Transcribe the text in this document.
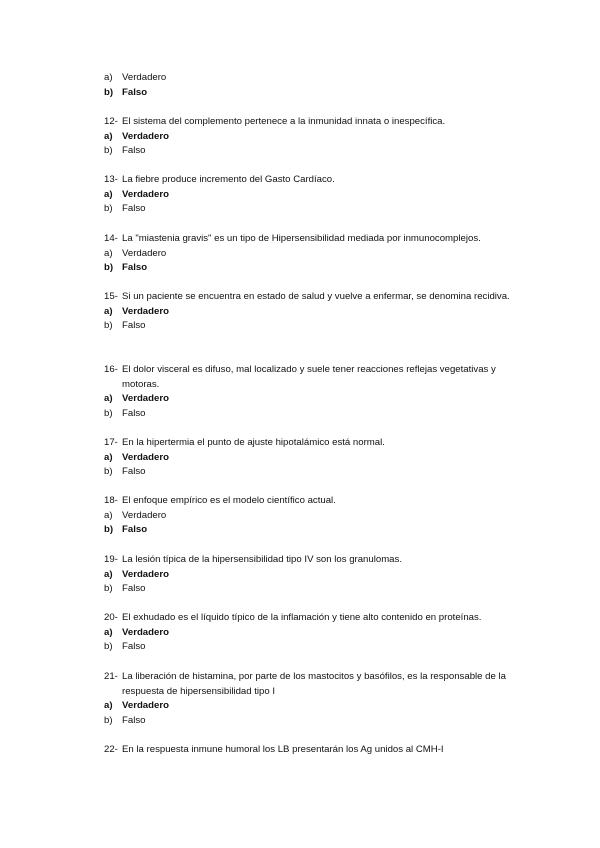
a) Verdadero
b) Falso
12- El sistema del complemento pertenece a la inmunidad innata o inespecífica.
a) Verdadero
b) Falso
13- La fiebre produce incremento del Gasto Cardíaco.
a) Verdadero
b) Falso
14- La "miastenia gravis" es un tipo de Hipersensibilidad mediada por inmunocomplejos.
a) Verdadero
b) Falso
15- Si un paciente se encuentra en estado de salud y vuelve a enfermar, se denomina recidiva.
a) Verdadero
b) Falso
16- El dolor visceral es difuso, mal localizado y suele tener reacciones reflejas vegetativas y motoras.
a) Verdadero
b) Falso
17- En la hipertermia el punto de ajuste hipotalámico está normal.
a) Verdadero
b) Falso
18- El enfoque empírico es el modelo científico actual.
a) Verdadero
b) Falso
19- La lesión típica de la hipersensibilidad tipo IV son los granulomas.
a) Verdadero
b) Falso
20- El exhudado es el líquido típico de la inflamación y tiene alto contenido en proteínas.
a) Verdadero
b) Falso
21- La liberación de histamina, por parte de los mastocitos y basófilos, es la responsable de la respuesta de hipersensibilidad tipo I
a) Verdadero
b) Falso
22- En la respuesta inmune humoral los LB presentarán los Ag unidos al CMH-I
